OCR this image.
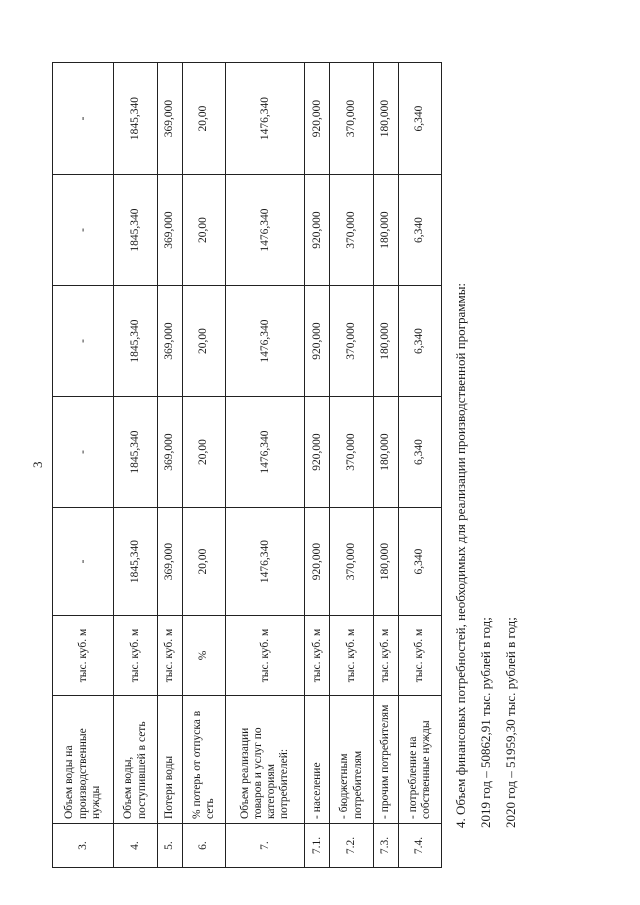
3
3.	Объем воды на производственные нужды	тыс. куб. м	-	-	-	-	-
4.	Объем воды, поступившей в сеть	тыс. куб. м	1845,340	1845,340	1845,340	1845,340	1845,340
5.	Потери воды	тыс. куб. м	369,000	369,000	369,000	369,000	369,000
6.	% потерь от отпуска в сеть	%	20,00	20,00	20,00	20,00	20,00
7.	Объем реализации товаров и услуг по категориям потребителей:	тыс. куб. м	1476,340	1476,340	1476,340	1476,340	1476,340
7.1.	- население	тыс. куб. м	920,000	920,000	920,000	920,000	920,000
7.2.	- бюджетным потребителям	тыс. куб. м	370,000	370,000	370,000	370,000	370,000
7.3.	- прочим потребителям	тыс. куб. м	180,000	180,000	180,000	180,000	180,000
7.4.	- потребление на собственные нужды	тыс. куб. м	6,340	6,340	6,340	6,340	6,340
4. Объем финансовых потребностей, необходимых для реализации производственной программы: 2019 год – 50862,91 тыс. рублей в год; 2020 год – 51959,30 тыс. рублей в год;
